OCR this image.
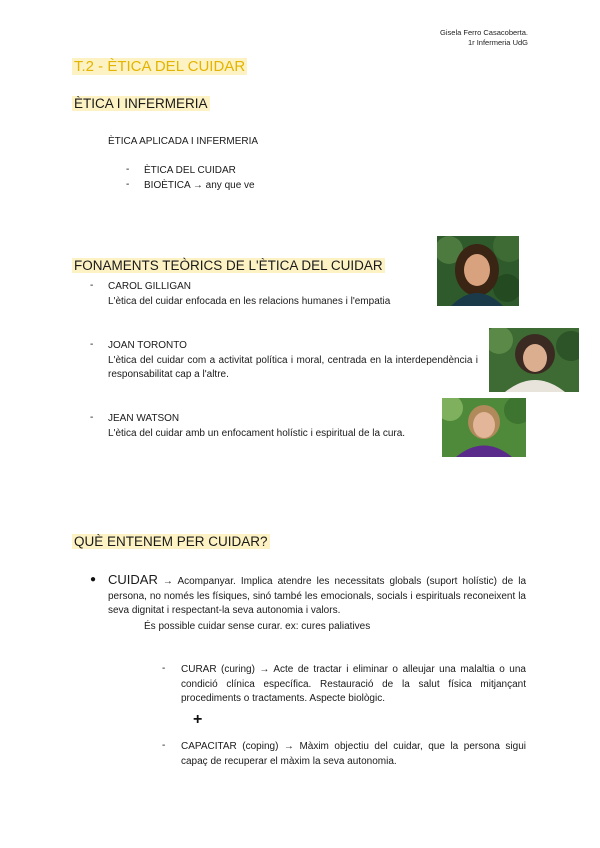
Gisela Ferro Casacoberta.
1r Infermeria UdG
T.2 - ÈTICA DEL CUIDAR
ÈTICA I INFERMERIA
ÈTICA APLICADA I INFERMERIA
- ÈTICA DEL CUIDAR
- BIOÈTICA → any que ve
FONAMENTS TEÒRICS DE L'ÈTICA DEL CUIDAR
- CAROL GILLIGAN
L'ètica del cuidar enfocada en les relacions humanes i l'empatia
- JOAN TORONTO
L'ètica del cuidar com a activitat política i moral, centrada en la interdependència i responsabilitat cap a l'altre.
- JEAN WATSON
L'ètica del cuidar amb un enfocament holístic i espiritual de la cura.
QUÈ ENTENEM PER CUIDAR?
● CUIDAR → Acompanyar. Implica atendre les necessitats globals (suport holístic) de la persona, no només les físiques, sinó també les emocionals, socials i espirituals reconeixent la seva dignitat i respectant-la seva autonomia i valors.
És possible cuidar sense curar. ex: cures paliatives
- CURAR (curing) → Acte de tractar i eliminar o alleujar una malaltia o una condició clínica específica. Restauració de la salut física mitjançant procediments o tractaments. Aspecte biològic.
+
- CAPACITAR (coping) → Màxim objectiu del cuidar, que la persona sigui capaç de recuperar el màxim la seva autonomia.
